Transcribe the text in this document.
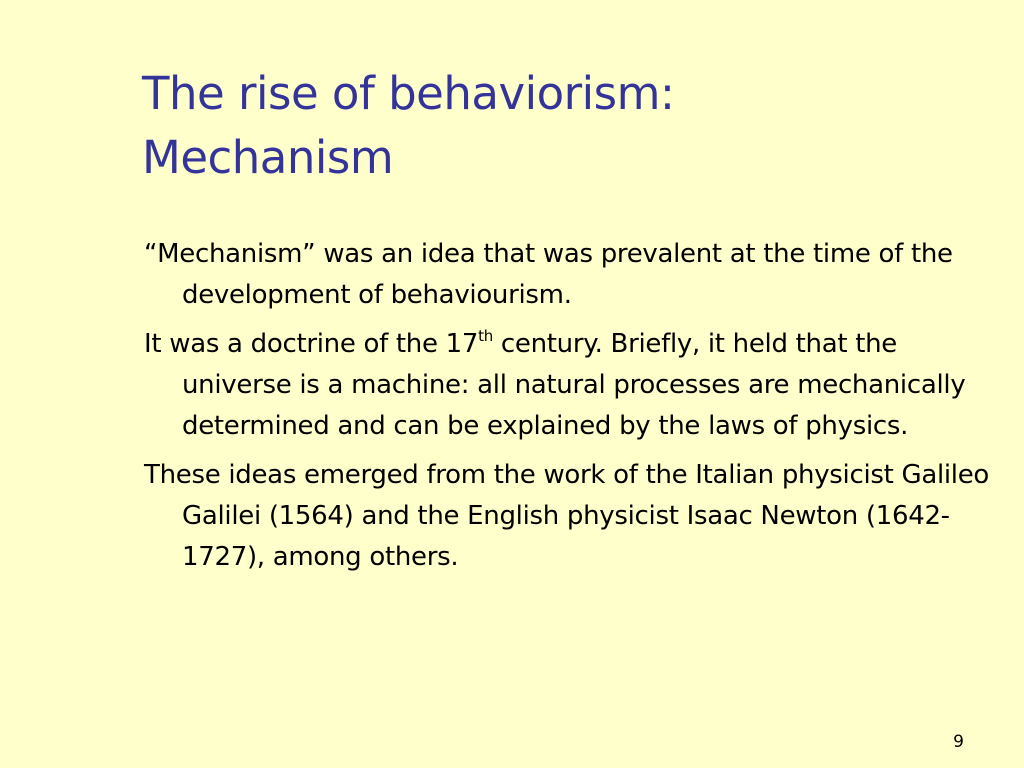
The rise of behaviorism:
Mechanism
“Mechanism” was an idea that was prevalent at the time of the development of behaviourism.
It was a doctrine of the 17th century. Briefly, it held that the universe is a machine: all natural processes are mechanically determined and can be explained by the laws of physics.
These ideas emerged from the work of the Italian physicist Galileo Galilei (1564) and the English physicist Isaac Newton (1642-1727), among others.
9
